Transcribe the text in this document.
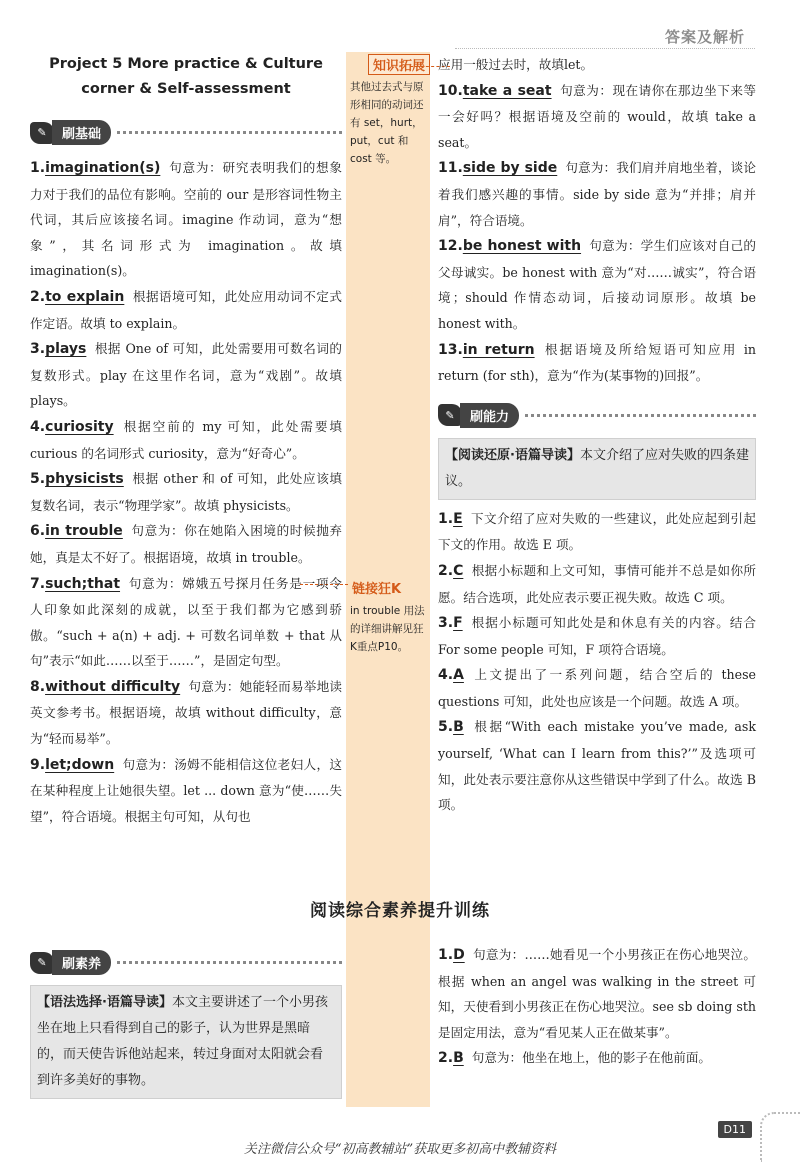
答案及解析
知识拓展
其他过去式与原形相同的动词还有 set，hurt，put，cut 和 cost 等。
链接狂K
in trouble 用法的详细讲解见狂K重点P10。
Project 5 More practice & Culture
corner & Self-assessment
✎	刷基础
1.imagination(s) 句意为：研究表明我们的想象力对于我们的品位有影响。空前的 our 是形容词性物主代词，其后应该接名词。imagine 作动词，意为“想象”，其名词形式为 imagination。故填 imagination(s)。
2.to explain 根据语境可知，此处应用动词不定式作定语。故填 to explain。
3.plays 根据 One of 可知，此处需要用可数名词的复数形式。play 在这里作名词，意为“戏剧”。故填 plays。
4.curiosity 根据空前的 my 可知，此处需要填 curious 的名词形式 curiosity，意为“好奇心”。
5.physicists 根据 other 和 of 可知，此处应该填复数名词，表示“物理学家”。故填 physicists。
6.in trouble 句意为：你在她陷入困境的时候抛弃她，真是太不好了。根据语境，故填 in trouble。
7.such;that 句意为：嫦娥五号探月任务是一项令人印象如此深刻的成就，以至于我们都为它感到骄傲。“such + a(n) + adj. + 可数名词单数 + that 从句”表示“如此……以至于……”，是固定句型。
8.without difficulty 句意为：她能轻而易举地读英文参考书。根据语境，故填 without difficulty，意为“轻而易举”。
9.let;down 句意为：汤姆不能相信这位老妇人，这在某种程度上让她很失望。let ... down 意为“使……失望”，符合语境。根据主句可知，从句也
应用一般过去时，故填let。
10.take a seat 句意为：现在请你在那边坐下来等一会好吗？根据语境及空前的 would，故填 take a seat。
11.side by side 句意为：我们肩并肩地坐着，谈论着我们感兴趣的事情。side by side 意为“并排；肩并肩”，符合语境。
12.be honest with 句意为：学生们应该对自己的父母诚实。be honest with 意为“对……诚实”，符合语境；should 作情态动词，后接动词原形。故填 be honest with。
13.in return 根据语境及所给短语可知应用 in return (for sth)，意为“作为(某事物的)回报”。
✎	刷能力
【阅读还原·语篇导读】本文介绍了应对失败的四条建议。
1.E 下文介绍了应对失败的一些建议，此处应起到引起下文的作用。故选 E 项。
2.C 根据小标题和上文可知，事情可能并不总是如你所愿。结合选项，此处应表示要正视失败。故选 C 项。
3.F 根据小标题可知此处是和休息有关的内容。结合 For some people 可知，F 项符合语境。
4.A 上文提出了一系列问题，结合空后的 these questions 可知，此处也应该是一个问题。故选 A 项。
5.B 根据“With each mistake you’ve made, ask yourself, ‘What can I learn from this?’”及选项可知，此处表示要注意你从这些错误中学到了什么。故选 B 项。
阅读综合素养提升训练
✎	刷素养
【语法选择·语篇导读】本文主要讲述了一个小男孩坐在地上只看得到自己的影子，认为世界是黑暗的，而天使告诉他站起来，转过身面对太阳就会看到许多美好的事物。
1.D 句意为：……她看见一个小男孩正在伤心地哭泣。根据 when an angel was walking in the street 可知，天使看到小男孩正在伤心地哭泣。see sb doing sth 是固定用法，意为“看见某人正在做某事”。
2.B 句意为：他坐在地上，他的影子在他前面。
D11
关注微信公众号“初高教辅站”获取更多初高中教辅资料
